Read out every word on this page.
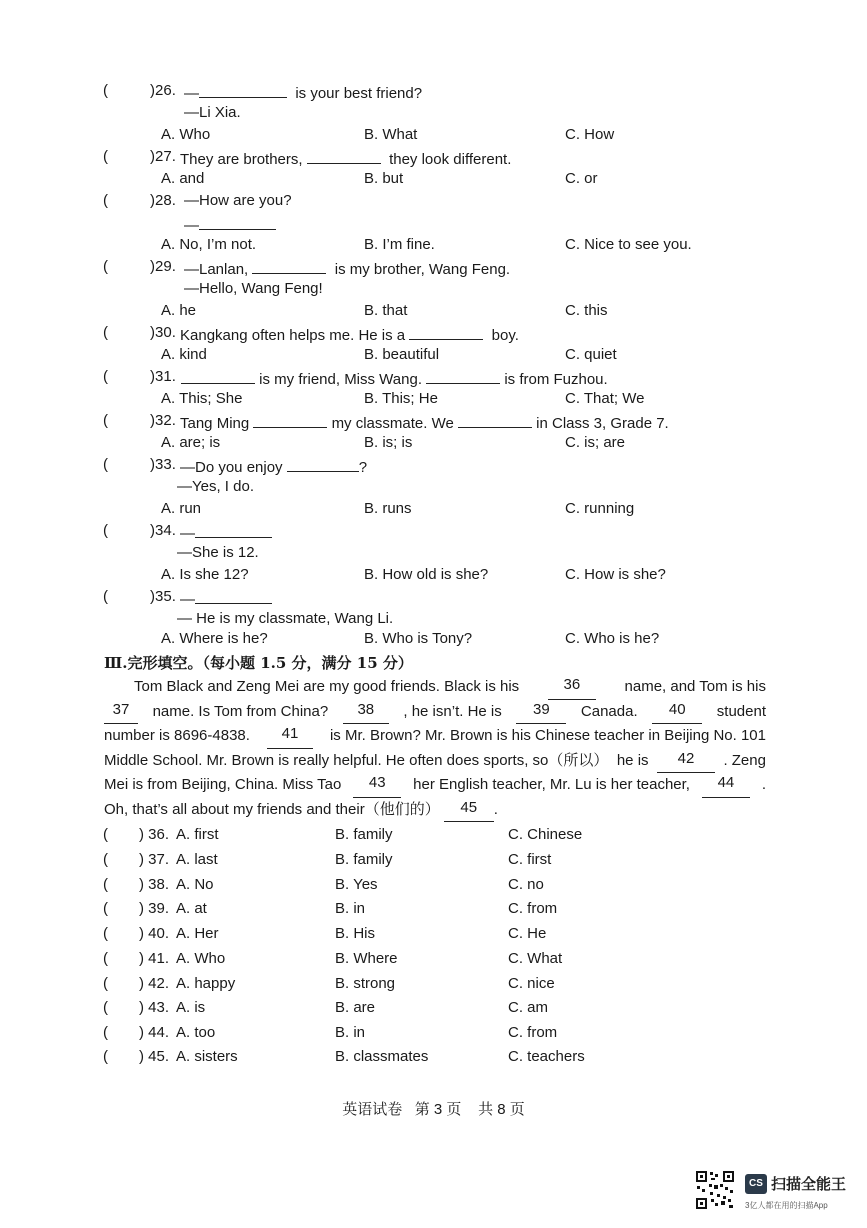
(	)26. —	is your best friend?
—Li Xia.
A. Who	B. What	C. How
(	)27. They are brothers,	they look different.
A. and	B. but	C. or
(	)28. —How are you?
—
A. No, I’m not.	B. I’m fine.	C. Nice to see you.
(	)29. —Lanlan,	is my brother, Wang Feng.
—Hello, Wang Feng!
A. he	B. that	C. this
(	)30. Kangkang often helps me. He is a	boy.
A. kind	B. beautiful	C. quiet
(	)31.	is my friend, Miss Wang.	is from Fuzhou.
A. This; She	B. This; He	C. That; We
(	)32. Tang Ming	my classmate. We	in Class 3, Grade 7.
A. are; is	B. is; is	C. is; are
(	)33. —Do you enjoy	?
—Yes, I do.
A. run	B. runs	C. running
(	)34. —
—She is 12.
A. Is she 12?	B. How old is she?	C. How is she?
(	)35. —
— He is my classmate, Wang Li.
A. Where is he?	B. Who is Tony?	C. Who is he?
Ⅲ.完形填空。（每小题 1.5 分，满分 15 分）
Tom Black and Zeng Mei are my good friends. Black is his	36	name, and Tom is his
37	name. Is Tom from China?	38	, he isn’t. He is	39	Canada.	40	student
number is 8696-4838.	41	is Mr. Brown? Mr. Brown is his Chinese teacher in Beijing No. 101
Middle School. Mr. Brown is really helpful. He often does sports, so（所以） he is	42	. Zeng
Mei is from Beijing, China. Miss Tao	43	her English teacher, Mr. Lu is her teacher,	44	.
Oh, that’s all about my friends and their（他们的）	45	.
( ) 36. A. first	B. family	C. Chinese
( ) 37. A. last	B. family	C. first
( ) 38. A. No	B. Yes	C. no
( ) 39. A. at	B. in	C. from
( ) 40. A. Her	B. His	C. He
( ) 41. A. Who	B. Where	C. What
( ) 42. A. happy	B. strong	C. nice
( ) 43. A. is	B. are	C. am
( ) 44. A. too	B. in	C. from
( ) 45. A. sisters	B. classmates	C. teachers
英语试卷   第 3 页    共 8 页
CS 扫描全能王
3亿人都在用的扫描App
